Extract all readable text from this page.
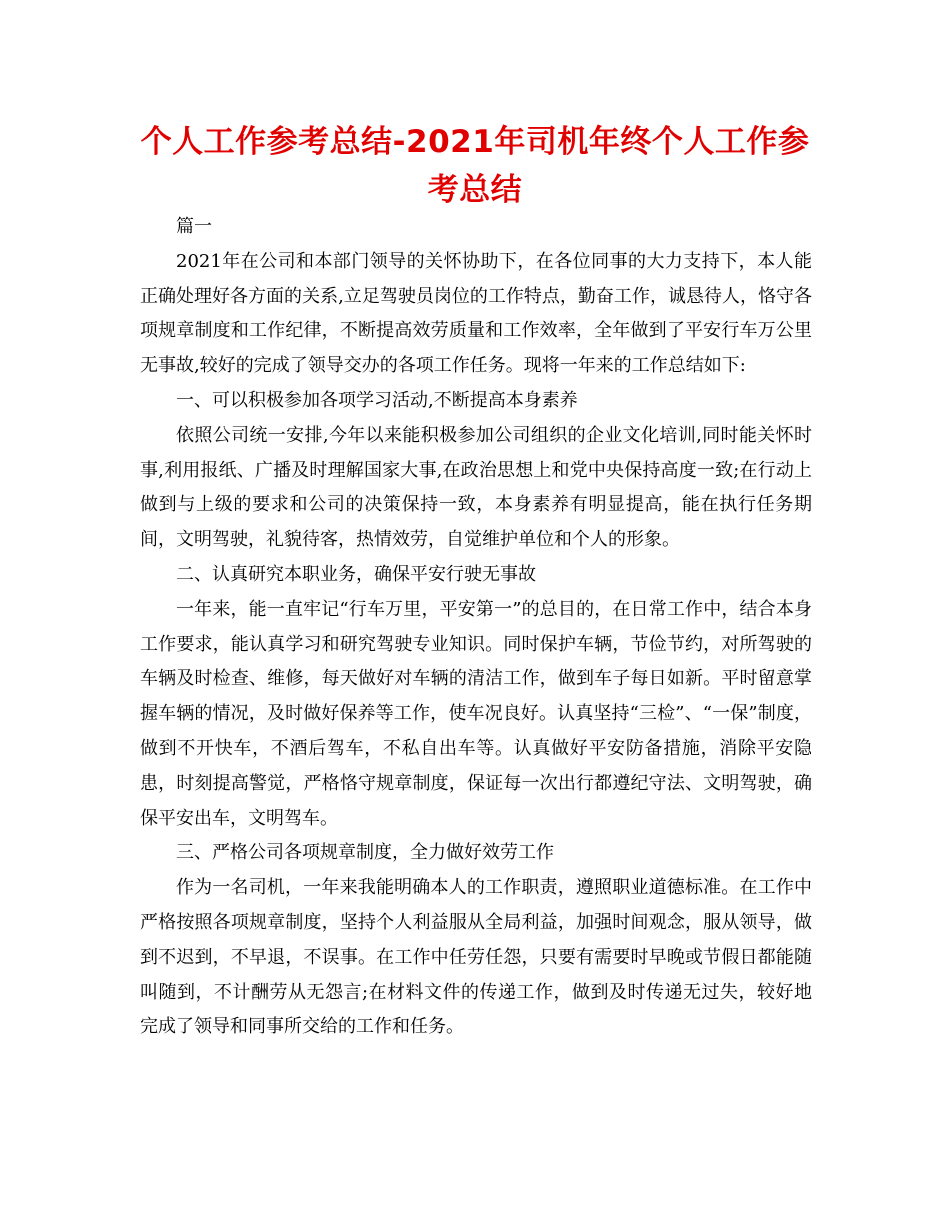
个人工作参考总结-2021年司机年终个人工作参考总结

篇一

2021年在公司和本部门领导的关怀协助下，在各位同事的大力支持下，本人能正确处理好各方面的关系,立足驾驶员岗位的工作特点，勤奋工作，诚恳待人，恪守各项规章制度和工作纪律，不断提高效劳质量和工作效率，全年做到了平安行车万公里无事故,较好的完成了领导交办的各项工作任务。现将一年来的工作总结如下:

一、可以积极参加各项学习活动,不断提高本身素养

依照公司统一安排,今年以来能积极参加公司组织的企业文化培训,同时能关怀时事,利用报纸、广播及时理解国家大事,在政治思想上和党中央保持高度一致;在行动上做到与上级的要求和公司的决策保持一致，本身素养有明显提高，能在执行任务期间，文明驾驶，礼貌待客，热情效劳，自觉维护单位和个人的形象。

二、认真研究本职业务，确保平安行驶无事故

一年来，能一直牢记“行车万里，平安第一”的总目的，在日常工作中，结合本身工作要求，能认真学习和研究驾驶专业知识。同时保护车辆，节俭节约，对所驾驶的车辆及时检查、维修，每天做好对车辆的清洁工作，做到车子每日如新。平时留意掌握车辆的情况，及时做好保养等工作，使车况良好。认真坚持“三检”、“一保”制度，做到不开快车，不酒后驾车，不私自出车等。认真做好平安防备措施，消除平安隐患，时刻提高警觉，严格恪守规章制度，保证每一次出行都遵纪守法、文明驾驶，确保平安出车，文明驾车。

三、严格公司各项规章制度，全力做好效劳工作

作为一名司机，一年来我能明确本人的工作职责，遵照职业道德标准。在工作中严格按照各项规章制度，坚持个人利益服从全局利益，加强时间观念，服从领导，做到不迟到，不早退，不误事。在工作中任劳任怨，只要有需要时早晚或节假日都能随叫随到，不计酬劳从无怨言;在材料文件的传递工作，做到及时传递无过失，较好地完成了领导和同事所交给的工作和任务。
